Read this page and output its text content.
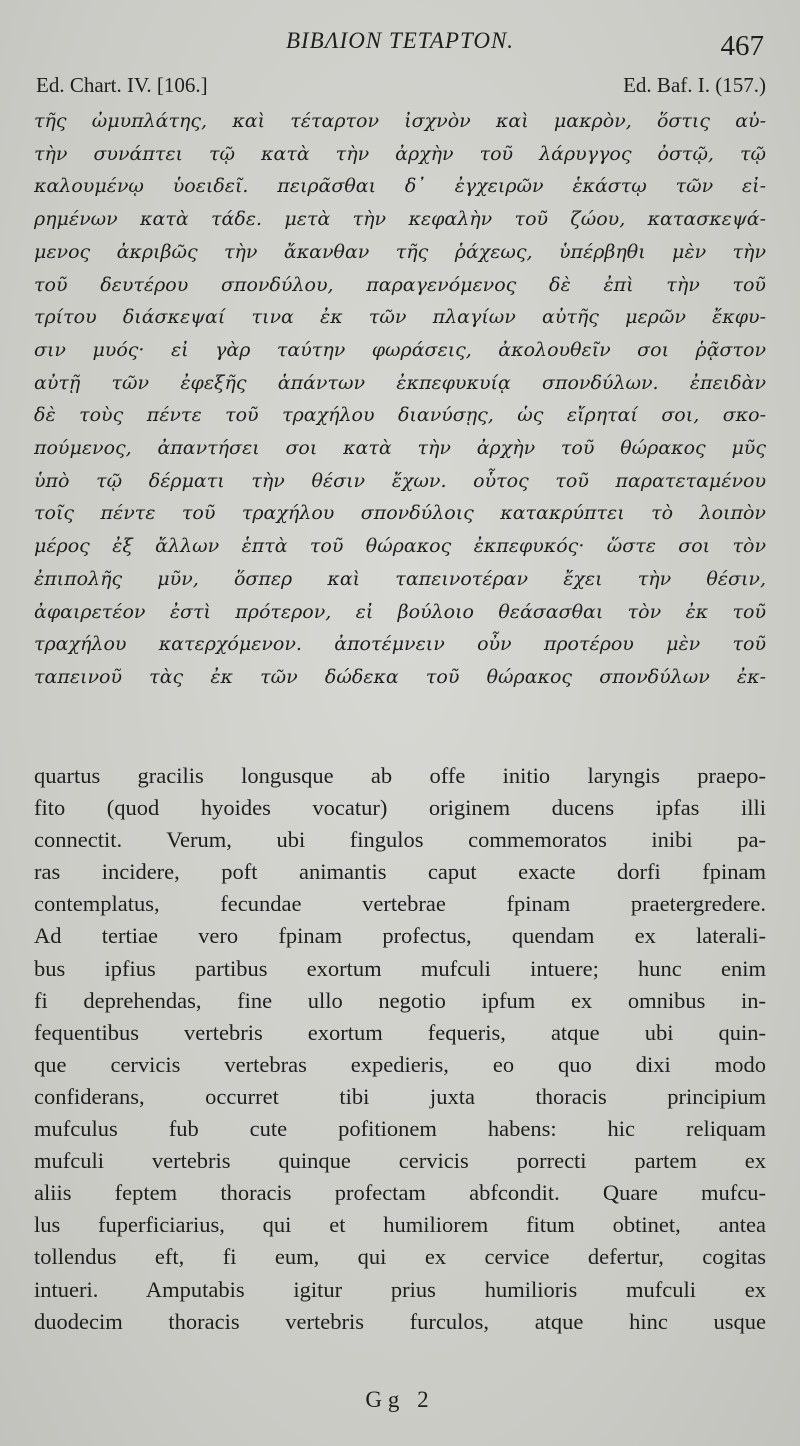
BIBΛΙΟΝ ΤΕΤΑΡΤΟΝ.	467
Ed. Chart. IV. [106.]	Ed. Baf. I. (157.)
τῆς ὠμυπλάτης, καὶ τέταρτον ἰσχνὸν καὶ μακρὸν, ὅστις αὐ-
τὴν συνάπτει τῷ κατὰ τὴν ἀρχὴν τοῦ λάρυγγος ὀστῷ, τῷ
καλουμένῳ ὑοειδεῖ. πειρᾶσθαι δ᾽ ἐγχειρῶν ἑκάστῳ τῶν εἰ-
ρημένων κατὰ τάδε. μετὰ τὴν κεφαλὴν τοῦ ζώου, κατασκεψά-
μενος ἀκριβῶς τὴν ἄκανθαν τῆς ῥάχεως, ὑπέρβηθι μὲν τὴν
τοῦ δευτέρου σπονδύλου, παραγενόμενος δὲ ἐπὶ τὴν τοῦ
τρίτου διάσκεψαί τινα ἐκ τῶν πλαγίων αὐτῆς μερῶν ἔκφυ-
σιν μυός· εἰ γὰρ ταύτην φωράσεις, ἀκολουθεῖν σοι ῥᾷστον
αὐτῇ τῶν ἐφεξῆς ἁπάντων ἐκπεφυκυίᾳ σπονδύλων. ἐπειδὰν
δὲ τοὺς πέντε τοῦ τραχήλου διανύσῃς, ὡς εἴρηταί σοι, σκο-
πούμενος, ἀπαντήσει σοι κατὰ τὴν ἀρχὴν τοῦ θώρακος μῦς
ὑπὸ τῷ δέρματι τὴν θέσιν ἔχων. οὗτος τοῦ παρατεταμένου
τοῖς πέντε τοῦ τραχήλου σπονδύλοις κατακρύπτει τὸ λοιπὸν
μέρος ἐξ ἄλλων ἑπτὰ τοῦ θώρακος ἐκπεφυκός· ὥστε σοι τὸν
ἐπιπολῆς μῦν, ὅσπερ καὶ ταπεινοτέραν ἔχει τὴν θέσιν,
ἀφαιρετέον ἐστὶ πρότερον, εἰ βούλοιο θεάσασθαι τὸν ἐκ τοῦ
τραχήλου κατερχόμενον. ἀποτέμνειν οὖν προτέρου μὲν τοῦ
ταπεινοῦ τὰς ἐκ τῶν δώδεκα τοῦ θώρακος σπονδύλων ἐκ-
quartus gracilis longusque ab offe initio laryngis praepo-
fito (quod hyoides vocatur) originem ducens ipfas illi
connectit. Verum, ubi fingulos commemoratos inibi pa-
ras incidere, poft animantis caput exacte dorfi fpinam
contemplatus, fecundae vertebrae fpinam praetergredere.
Ad tertiae vero fpinam profectus, quendam ex laterali-
bus ipfius partibus exortum mufculi intuere; hunc enim
fi deprehendas, fine ullo negotio ipfum ex omnibus in-
fequentibus vertebris exortum fequeris, atque ubi quin-
que cervicis vertebras expedieris, eo quo dixi modo
confiderans, occurret tibi juxta thoracis principium
mufculus fub cute pofitionem habens: hic reliquam
mufculi vertebris quinque cervicis porrecti partem ex
aliis feptem thoracis profectam abfcondit. Quare mufcu-
lus fuperficiarius, qui et humiliorem fitum obtinet, antea
tollendus eft, fi eum, qui ex cervice defertur, cogitas
intueri. Amputabis igitur prius humilioris mufculi ex
duodecim thoracis vertebris furculos, atque hinc usque
Gg 2
